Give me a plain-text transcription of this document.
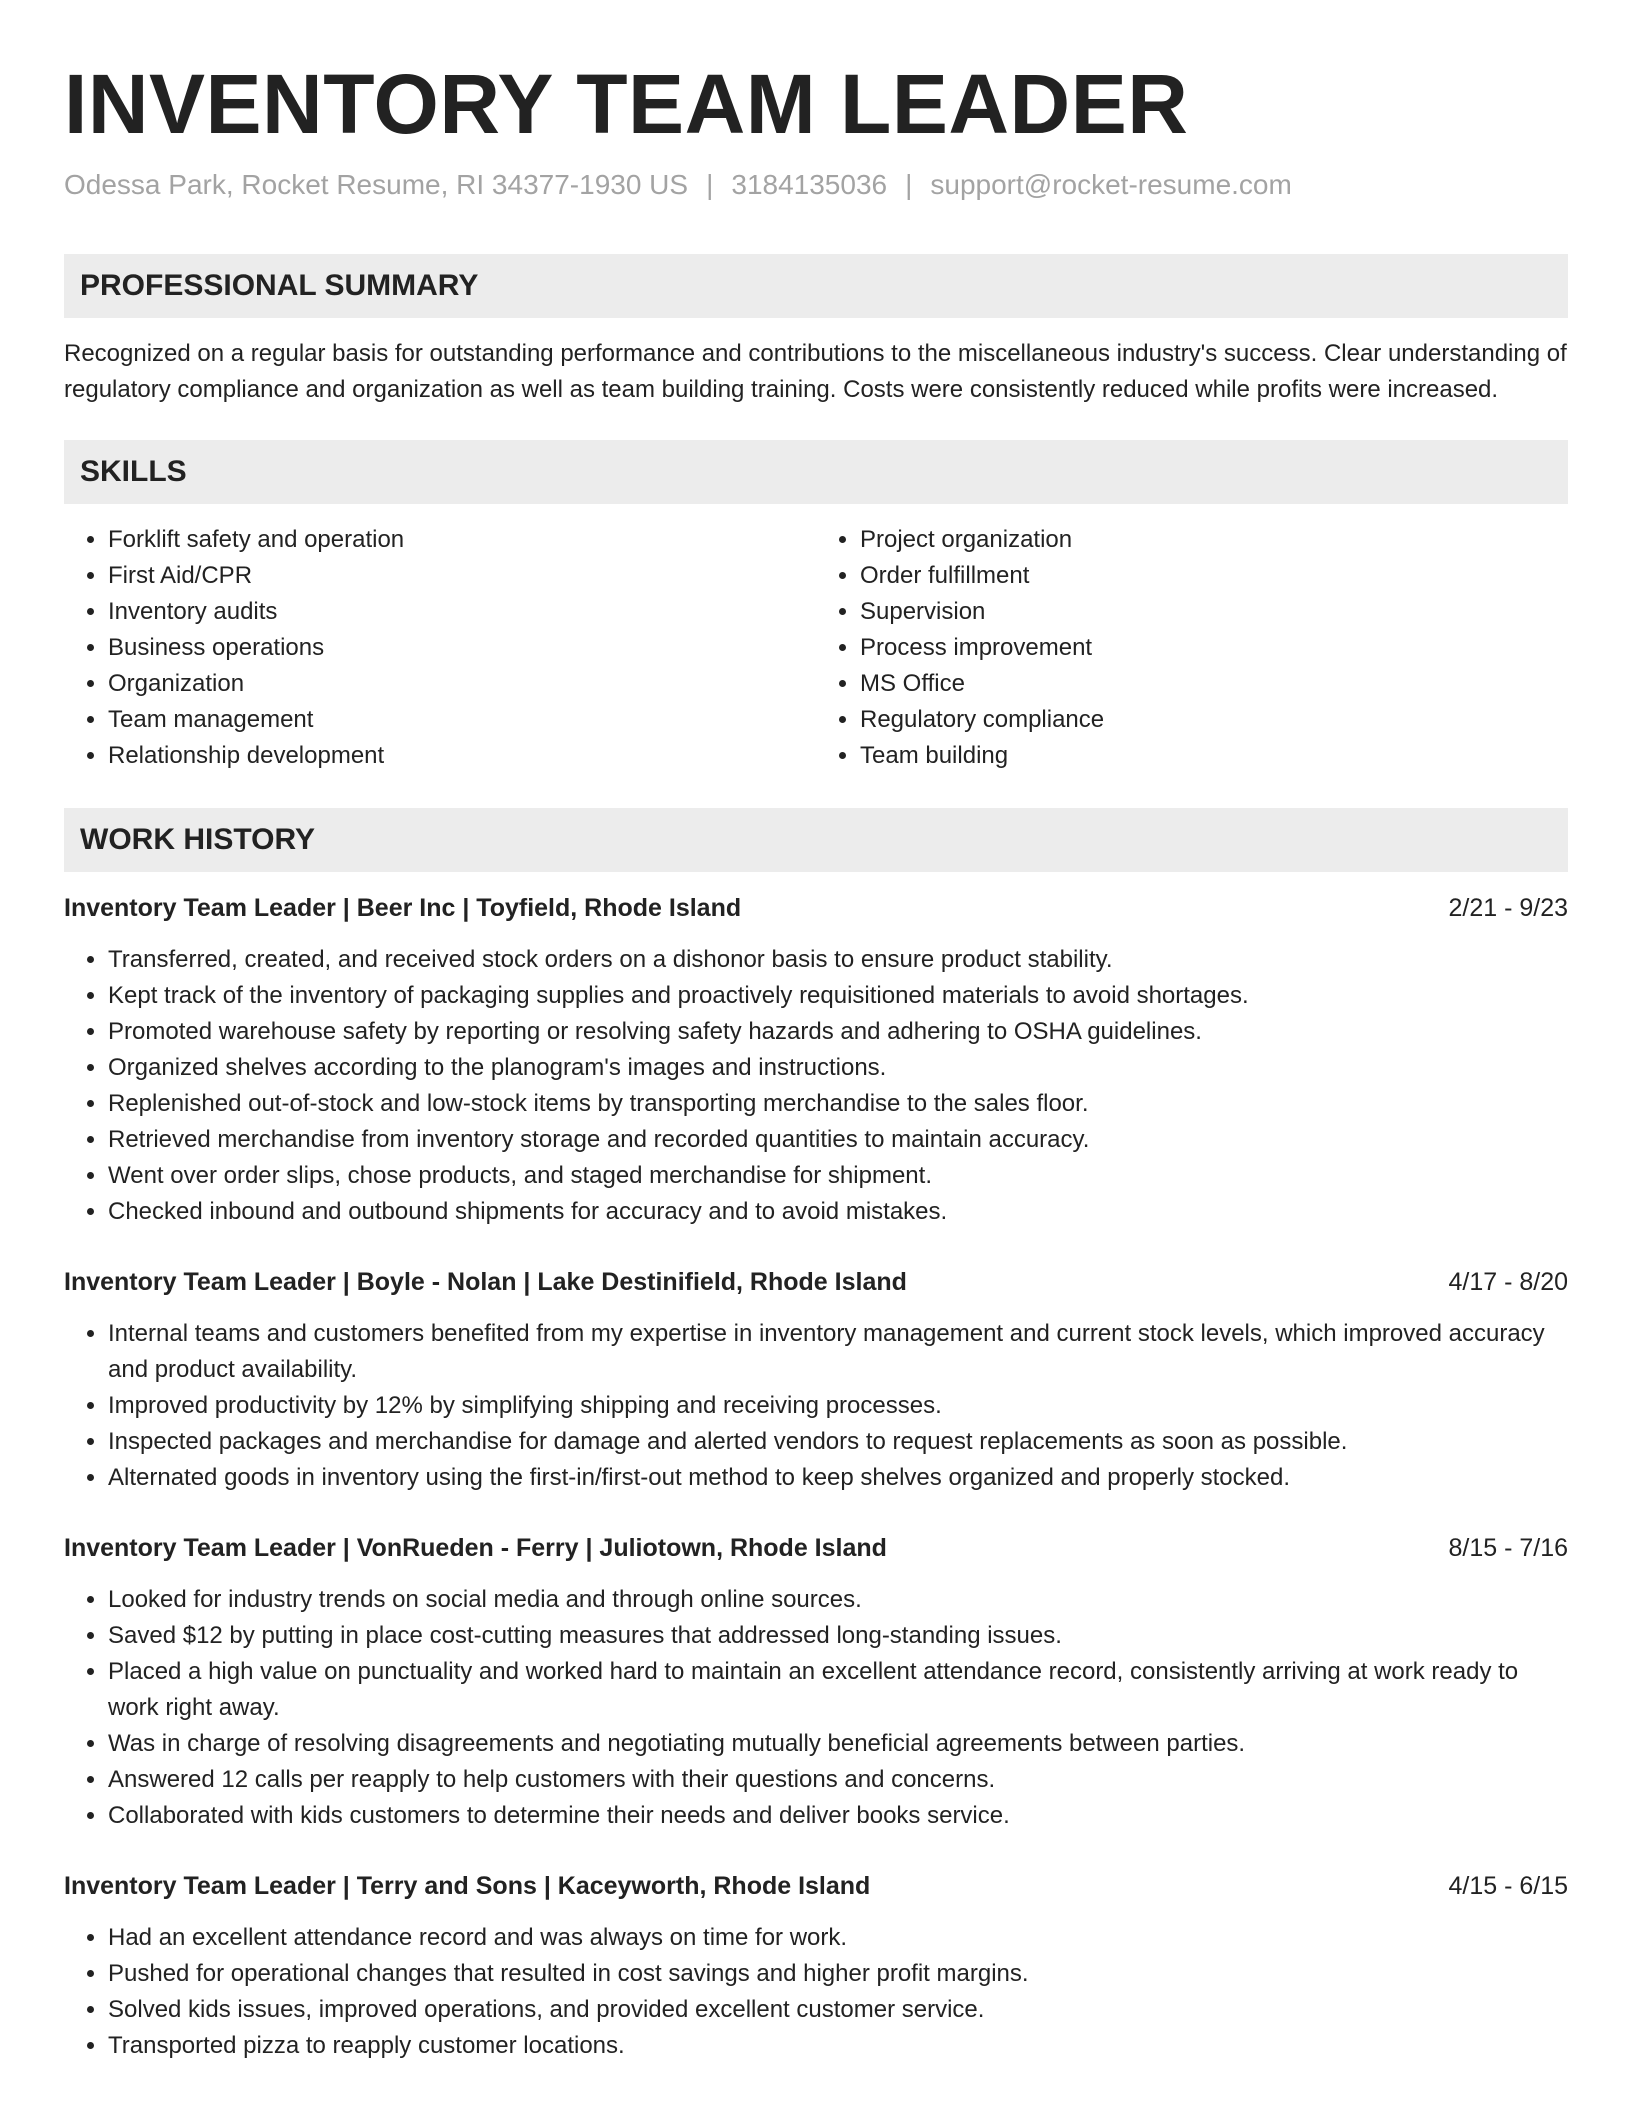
INVENTORY TEAM LEADER
Odessa Park, Rocket Resume, RI 34377-1930 US | 3184135036 | support@rocket-resume.com
PROFESSIONAL SUMMARY

Recognized on a regular basis for outstanding performance and contributions to the miscellaneous industry's success. Clear understanding of regulatory compliance and organization as well as team building training. Costs were consistently reduced while profits were increased.

SKILLS
• Forklift safety and operation
• First Aid/CPR
• Inventory audits
• Business operations
• Organization
• Team management
• Relationship development
• Project organization
• Order fulfillment
• Supervision
• Process improvement
• MS Office
• Regulatory compliance
• Team building
WORK HISTORY
Inventory Team Leader | Beer Inc | Toyfield, Rhode Island	2/21 - 9/23
• Transferred, created, and received stock orders on a dishonor basis to ensure product stability.
• Kept track of the inventory of packaging supplies and proactively requisitioned materials to avoid shortages.
• Promoted warehouse safety by reporting or resolving safety hazards and adhering to OSHA guidelines.
• Organized shelves according to the planogram's images and instructions.
• Replenished out-of-stock and low-stock items by transporting merchandise to the sales floor.
• Retrieved merchandise from inventory storage and recorded quantities to maintain accuracy.
• Went over order slips, chose products, and staged merchandise for shipment.
• Checked inbound and outbound shipments for accuracy and to avoid mistakes.
Inventory Team Leader | Boyle - Nolan | Lake Destinifield, Rhode Island	4/17 - 8/20
• Internal teams and customers benefited from my expertise in inventory management and current stock levels, which improved accuracy and product availability.
• Improved productivity by 12% by simplifying shipping and receiving processes.
• Inspected packages and merchandise for damage and alerted vendors to request replacements as soon as possible.
• Alternated goods in inventory using the first-in/first-out method to keep shelves organized and properly stocked.
Inventory Team Leader | VonRueden - Ferry | Juliotown, Rhode Island	8/15 - 7/16
• Looked for industry trends on social media and through online sources.
• Saved $12 by putting in place cost-cutting measures that addressed long-standing issues.
• Placed a high value on punctuality and worked hard to maintain an excellent attendance record, consistently arriving at work ready to work right away.
• Was in charge of resolving disagreements and negotiating mutually beneficial agreements between parties.
• Answered 12 calls per reapply to help customers with their questions and concerns.
• Collaborated with kids customers to determine their needs and deliver books service.
Inventory Team Leader | Terry and Sons | Kaceyworth, Rhode Island	4/15 - 6/15
• Had an excellent attendance record and was always on time for work.
• Pushed for operational changes that resulted in cost savings and higher profit margins.
• Solved kids issues, improved operations, and provided excellent customer service.
• Transported pizza to reapply customer locations.
